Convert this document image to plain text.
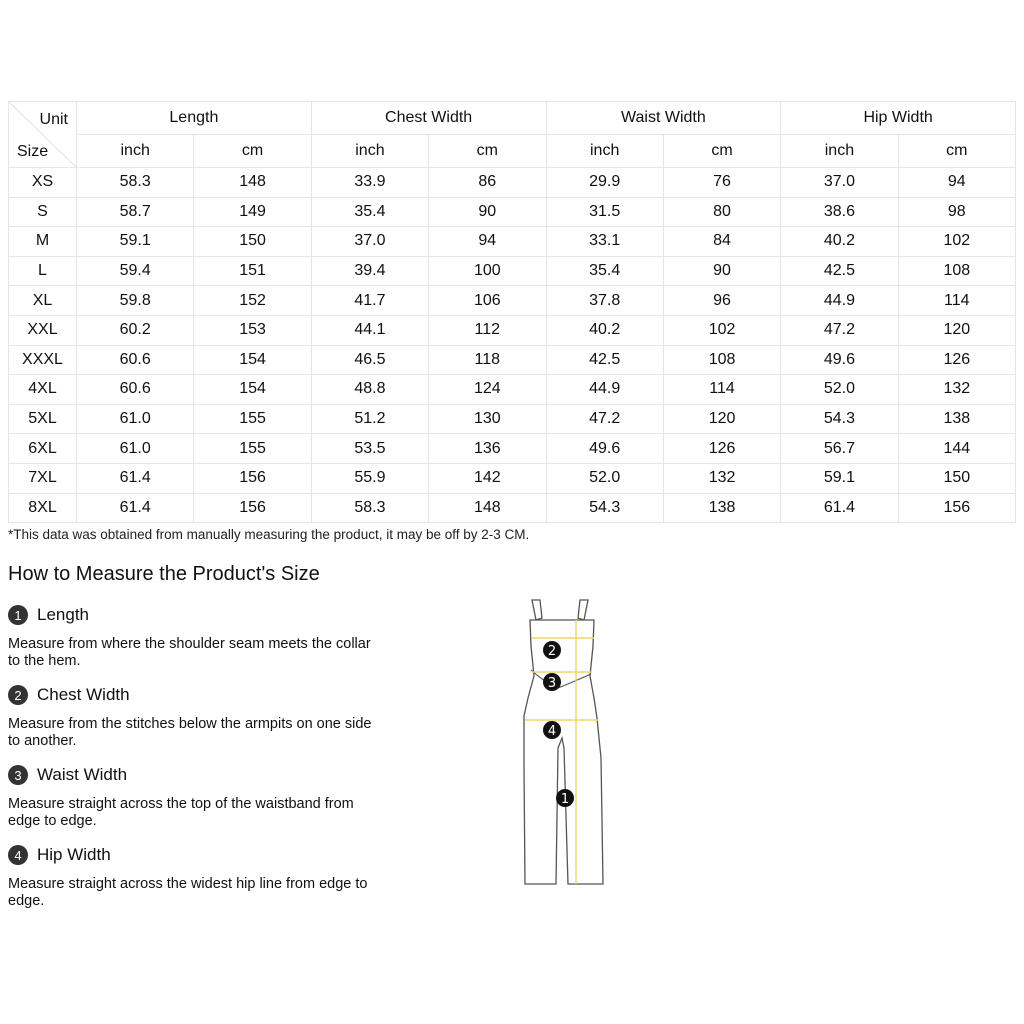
Unit
Size	Length		Chest Width		Waist Width		Hip Width	
	inch	cm	inch	cm	inch	cm	inch	cm
XS	58.3	148	33.9	86	29.9	76	37.0	94
S	58.7	149	35.4	90	31.5	80	38.6	98
M	59.1	150	37.0	94	33.1	84	40.2	102
L	59.4	151	39.4	100	35.4	90	42.5	108
XL	59.8	152	41.7	106	37.8	96	44.9	114
XXL	60.2	153	44.1	112	40.2	102	47.2	120
XXXL	60.6	154	46.5	118	42.5	108	49.6	126
4XL	60.6	154	48.8	124	44.9	114	52.0	132
5XL	61.0	155	51.2	130	47.2	120	54.3	138
6XL	61.0	155	53.5	136	49.6	126	56.7	144
7XL	61.4	156	55.9	142	52.0	132	59.1	150
8XL	61.4	156	58.3	148	54.3	138	61.4	156
*This data was obtained from manually measuring the product, it may be off by 2-3 CM.
How to Measure the Product's Size
1 Length
Measure from where the shoulder seam meets the collar to the hem.
2 Chest Width
Measure from the stitches below the armpits on one side to another.
3 Waist Width
Measure straight across the top of the waistband from edge to edge.
4 Hip Width
Measure straight across the widest hip line from edge to edge.
2
3
4
1
